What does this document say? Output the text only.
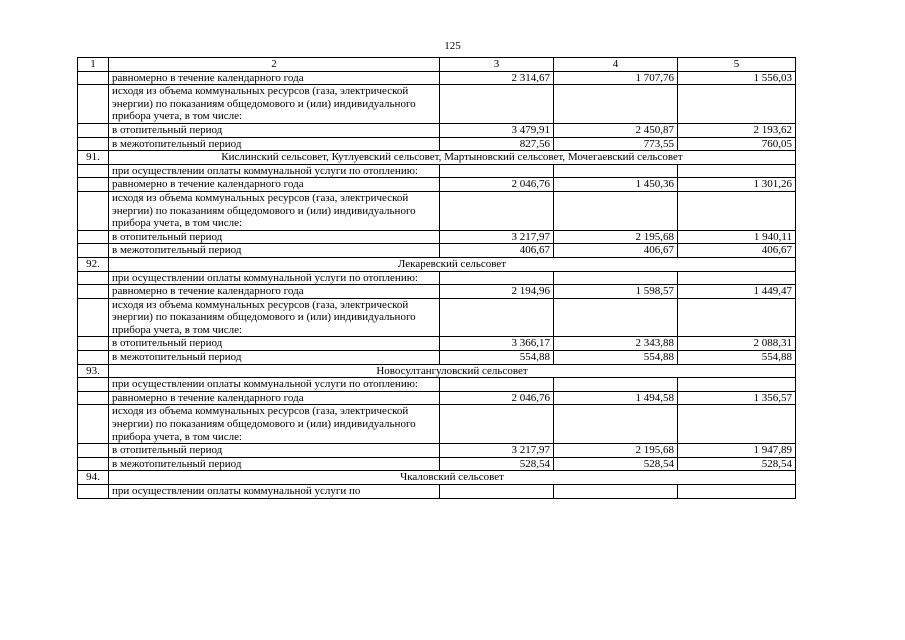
125
1	2	3	4	5
	равномерно в течение календарного года	2 314,67	1 707,76	1 556,03
	исходя из объема коммунальных ресурсов (газа, электрической энергии) по показаниям общедомового и (или) индивидуального прибора учета, в том числе:			
	в отопительный период	3 479,91	2 450,87	2 193,62
	в межотопительный период	827,56	773,55	760,05
91.	Кислинский сельсовет, Кутлуевский сельсовет, Мартыновский сельсовет, Мочегаевский сельсовет			
	при осуществлении оплаты коммунальной услуги по отоплению:			
	равномерно в течение календарного года	2 046,76	1 450,36	1 301,26
	исходя из объема коммунальных ресурсов (газа, электрической энергии) по показаниям общедомового и (или) индивидуального прибора учета, в том числе:			
	в отопительный период	3 217,97	2 195,68	1 940,11
	в межотопительный период	406,67	406,67	406,67
92.	Лекаревский сельсовет			
	при осуществлении оплаты коммунальной услуги по отоплению:			
	равномерно в течение календарного года	2 194,96	1 598,57	1 449,47
	исходя из объема коммунальных ресурсов (газа, электрической энергии) по показаниям общедомового и (или) индивидуального прибора учета, в том числе:			
	в отопительный период	3 366,17	2 343,88	2 088,31
	в межотопительный период	554,88	554,88	554,88
93.	Новосултангуловский сельсовет			
	при осуществлении оплаты коммунальной услуги по отоплению:			
	равномерно в течение календарного года	2 046,76	1 494,58	1 356,57
	исходя из объема коммунальных ресурсов (газа, электрической энергии) по показаниям общедомового и (или) индивидуального прибора учета, в том числе:			
	в отопительный период	3 217,97	2 195,68	1 947,89
	в межотопительный период	528,54	528,54	528,54
94.	Чкаловский сельсовет			
	при осуществлении оплаты коммунальной услуги по			
